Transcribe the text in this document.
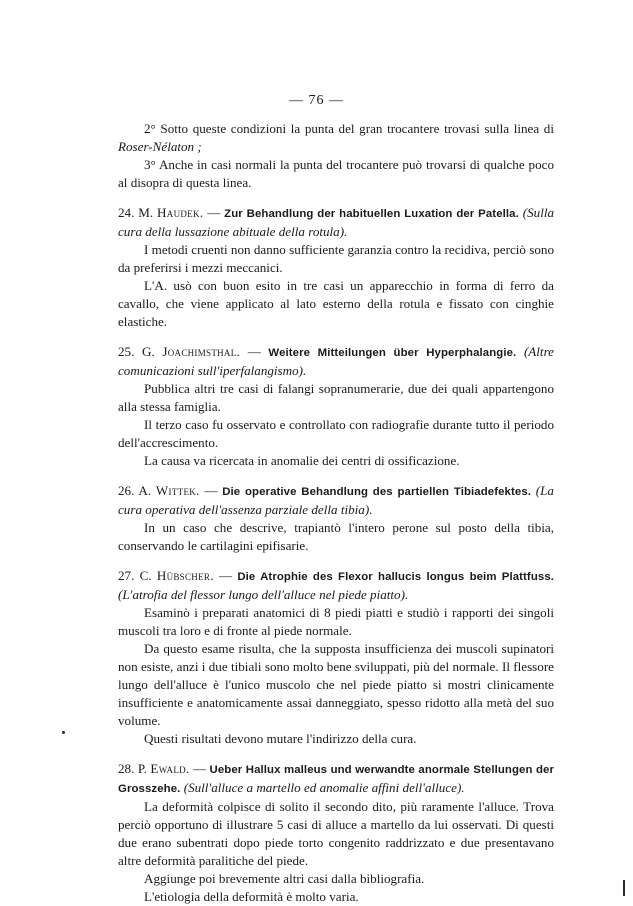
— 76 —

2° Sotto queste condizioni la punta del gran trocantere trovasi sulla linea di Roser-Nélaton ;

3° Anche in casi normali la punta del trocantere può trovarsi di qualche poco al disopra di questa linea.

24. M. Haudek. — Zur Behandlung der habituellen Luxation der Patella. (Sulla cura della lussazione abituale della rotula).

I metodi cruenti non danno sufficiente garanzia contro la recidiva, perciò sono da preferirsi i mezzi meccanici.

L'A. usò con buon esito in tre casi un apparecchio in forma di ferro da cavallo, che viene applicato al lato esterno della rotula e fissato con cinghie elastiche.

25. G. Joachimsthal. — Weitere Mitteilungen über Hyperphalangie. (Altre comunicazioni sull'iperfalangismo).

Pubblica altri tre casi di falangi sopranumerarie, due dei quali appartengono alla stessa famiglia.

Il terzo caso fu osservato e controllato con radiografie durante tutto il periodo dell'accrescimento.

La causa va ricercata in anomalie dei centri di ossificazione.

26. A. Wittek. — Die operative Behandlung des partiellen Tibiadefektes. (La cura operativa dell'assenza parziale della tibia).

In un caso che descrive, trapiantò l'intero perone sul posto della tibia, conservando le cartilagini epifisarie.

27. C. Hübscher. — Die Atrophie des Flexor hallucis longus beim Plattfuss. (L'atrofia del flessor lungo dell'alluce nel piede piatto).

Esaminò i preparati anatomici di 8 piedi piatti e studiò i rapporti dei singoli muscoli tra loro e di fronte al piede normale.

Da questo esame risulta, che la supposta insufficienza dei muscoli supinatori non esiste, anzi i due tibiali sono molto bene sviluppati, più del normale. Il flessore lungo dell'alluce è l'unico muscolo che nel piede piatto si mostri clinicamente insufficiente e anatomicamente assai danneggiato, spesso ridotto alla metà del suo volume.

Questi risultati devono mutare l'indirizzo della cura.

28. P. Ewald. — Ueber Hallux malleus und werwandte anormale Stellungen der Grosszehe. (Sull'alluce a martello ed anomalie affini dell'alluce).

La deformità colpisce di solito il secondo dito, più raramente l'alluce. Trova perciò opportuno di illustrare 5 casi di alluce a martello da lui osservati. Di questi due erano subentrati dopo piede torto congenito raddrizzato e due presentavano altre deformità paralitiche del piede.

Aggiunge poi brevemente altri casi dalla bibliografia.

L'etiologia della deformità è molto varia.
